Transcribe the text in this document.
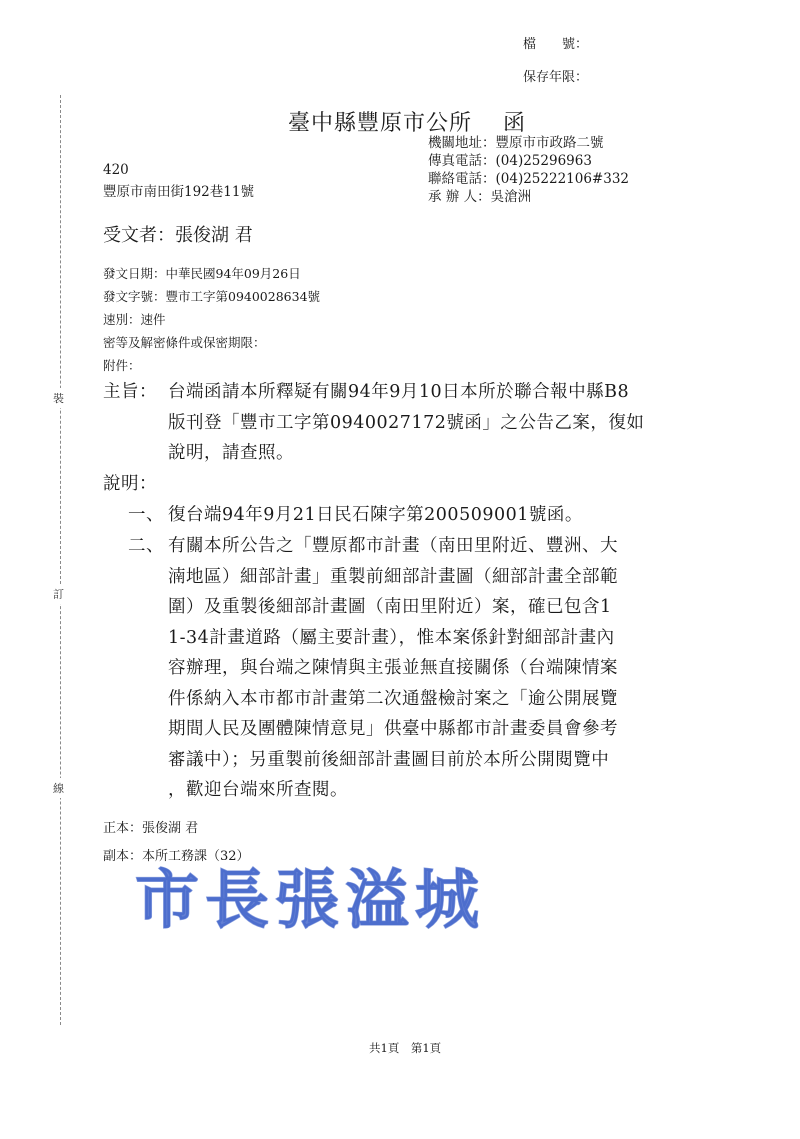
裝
訂
線
檔　　號：
保存年限：
臺中縣豐原市公所　 函
機關地址：豐原市市政路二號
傳真電話：(04)25296963
聯絡電話：(04)25222106#332
承 辦 人：吳滄洲
420
豐原市南田街192巷11號
受文者：張俊湖 君
發文日期：中華民國94年09月26日
發文字號：豐市工字第0940028634號
速別：速件
密等及解密條件或保密期限：
附件：
主旨： 台端函請本所釋疑有關94年9月10日本所於聯合報中縣B8
版刊登「豐市工字第0940027172號函」之公告乙案，復如
說明，請查照。
說明：
一、 復台端94年9月21日民石陳字第200509001號函。
二、 有關本所公告之「豐原都市計畫（南田里附近、豐洲、大
湳地區）細部計畫」重製前細部計畫圖（細部計畫全部範
圍）及重製後細部計畫圖（南田里附近）案，確已包含1
1-34計畫道路（屬主要計畫），惟本案係針對細部計畫內
容辦理，與台端之陳情與主張並無直接關係（台端陳情案
件係納入本市都市計畫第二次通盤檢討案之「逾公開展覽
期間人民及團體陳情意見」供臺中縣都市計畫委員會參考
審議中）；另重製前後細部計畫圖目前於本所公開閱覽中
，歡迎台端來所查閱。
正本：張俊湖 君
副本：本所工務課（32）
市長張溢城
共1頁　第1頁
